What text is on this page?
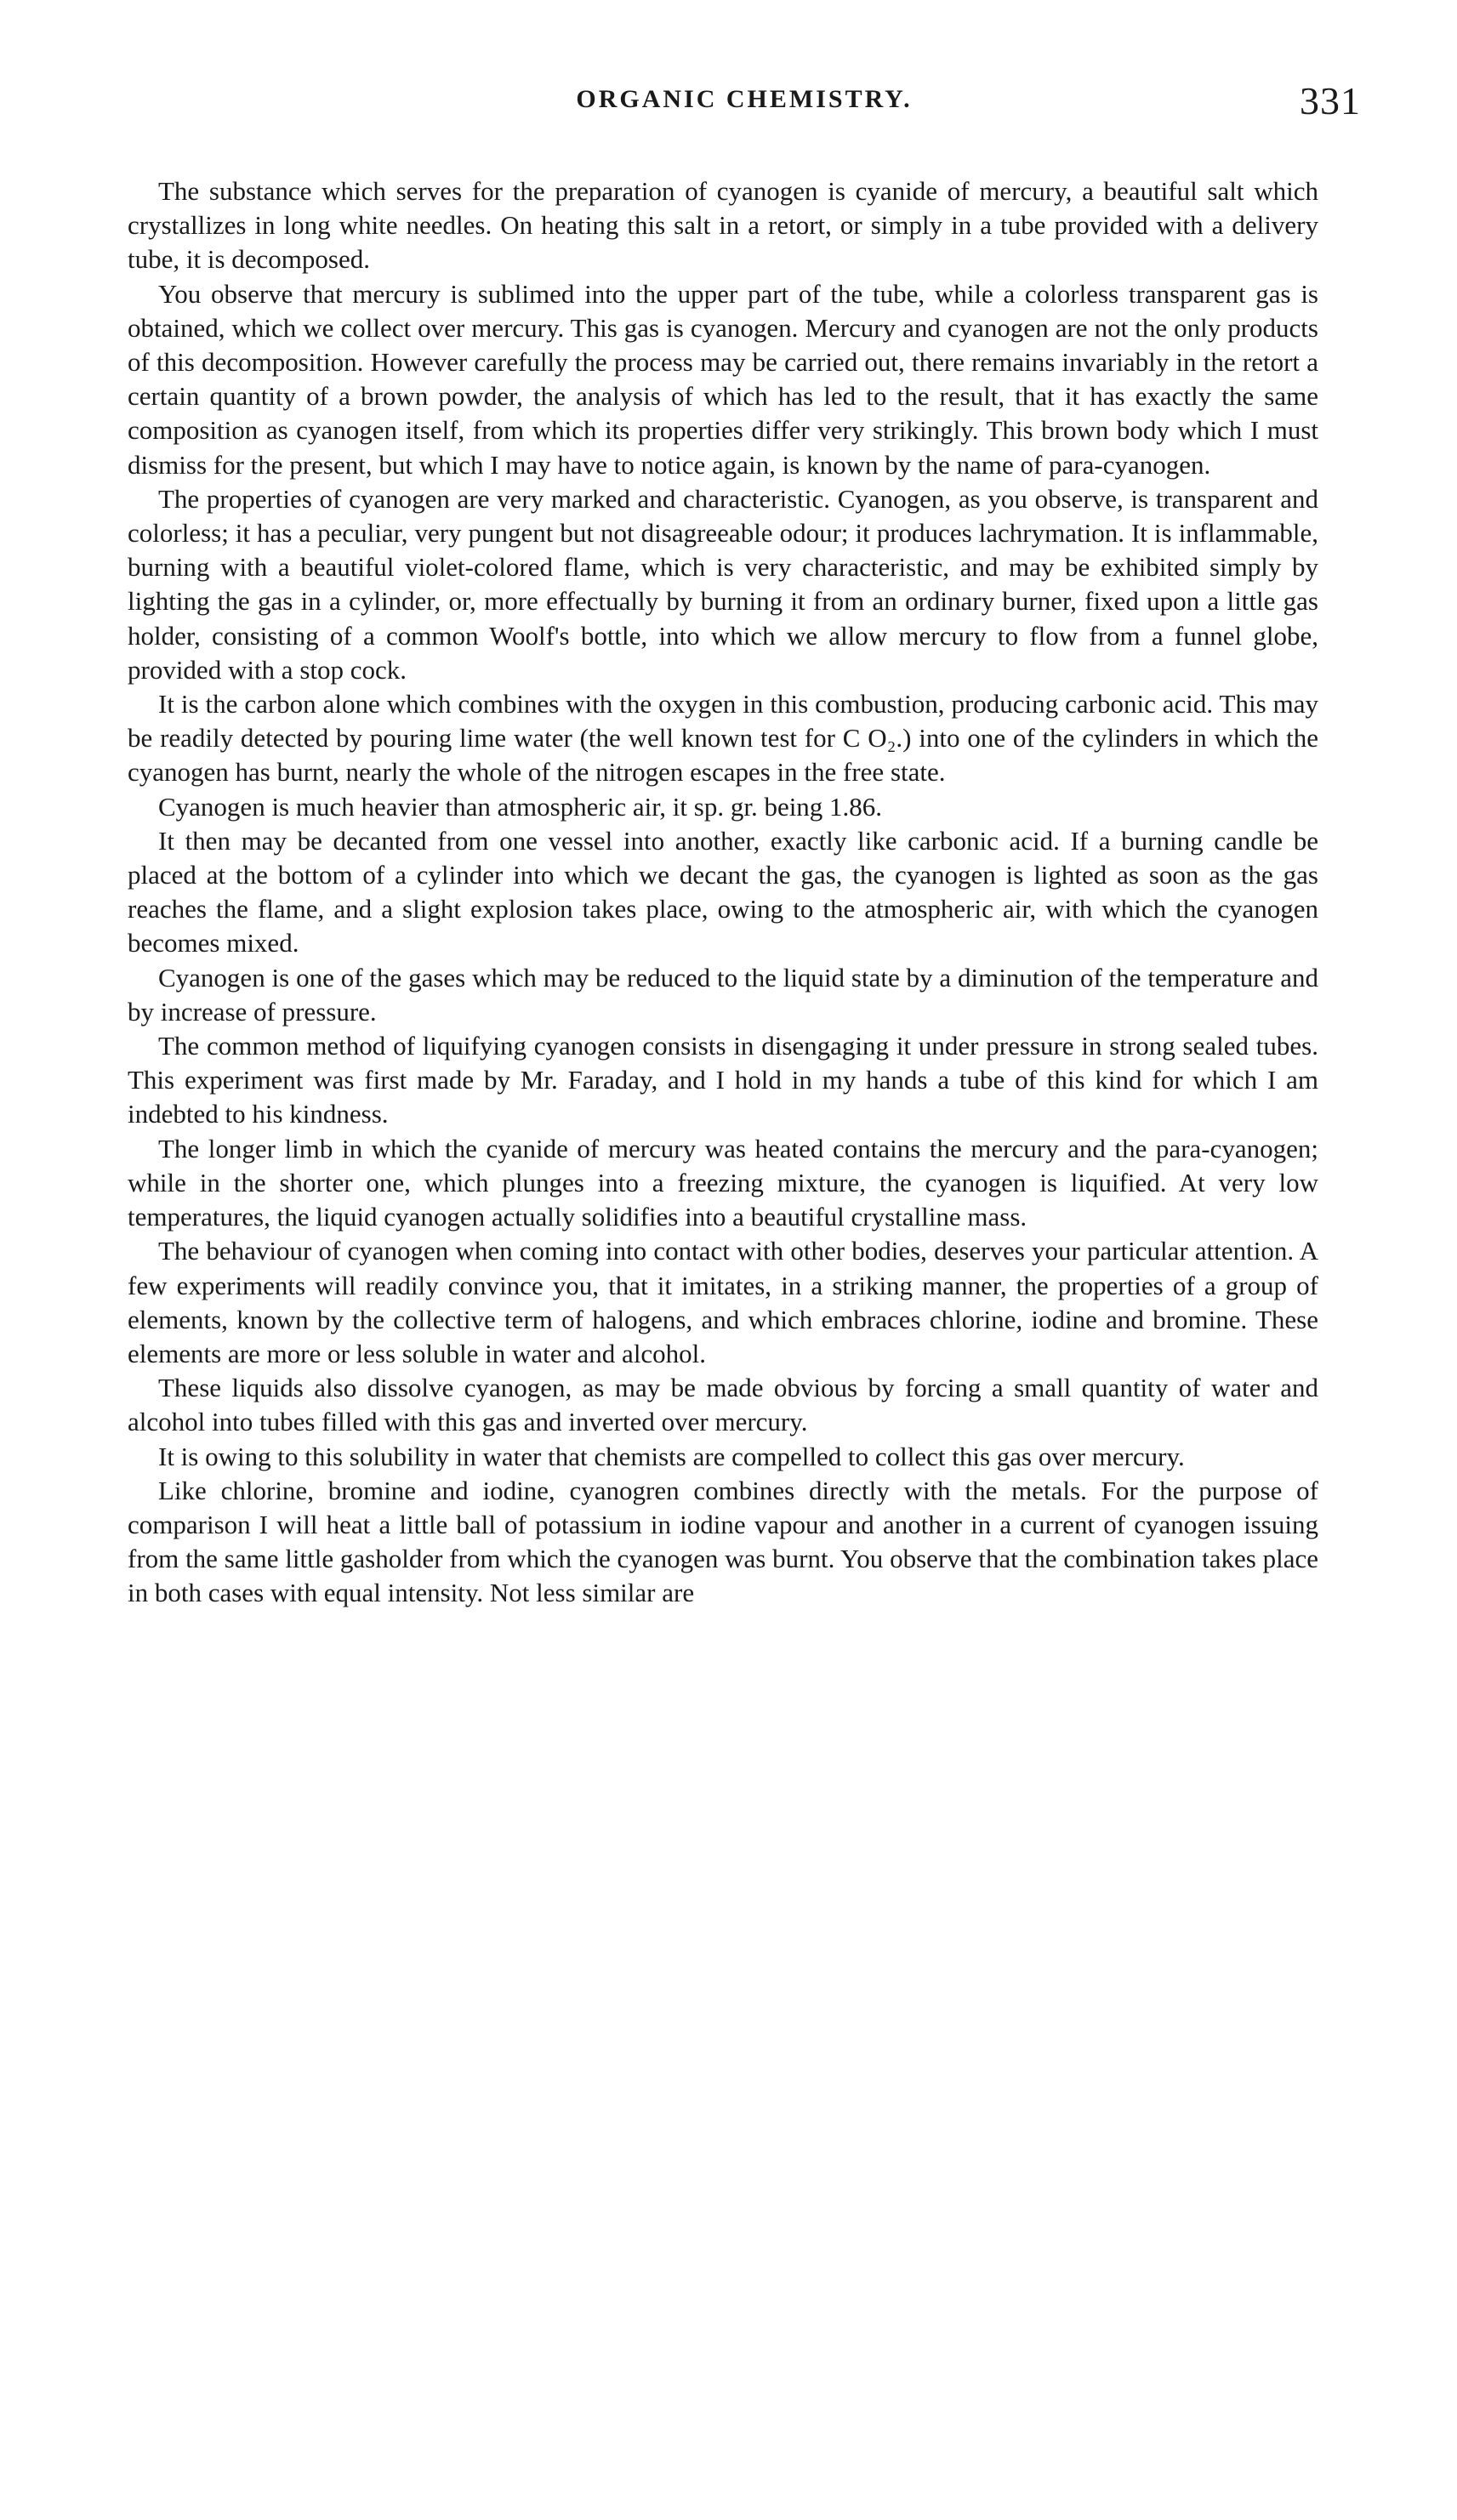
ORGANIC CHEMISTRY.	331

The substance which serves for the preparation of cyanogen is cyanide of mercury, a beautiful salt which crystallizes in long white needles. On heating this salt in a retort, or simply in a tube provided with a delivery tube, it is decomposed.

You observe that mercury is sublimed into the upper part of the tube, while a colorless transparent gas is obtained, which we collect over mercury. This gas is cyanogen. Mercury and cyanogen are not the only products of this decomposition. However carefully the process may be carried out, there remains invariably in the retort a certain quantity of a brown powder, the analysis of which has led to the result, that it has exactly the same composition as cyanogen itself, from which its properties differ very strikingly. This brown body which I must dismiss for the present, but which I may have to notice again, is known by the name of para-cyanogen.

The properties of cyanogen are very marked and characteristic. Cyanogen, as you observe, is transparent and colorless; it has a peculiar, very pungent but not disagreeable odour; it produces lachrymation. It is inflammable, burning with a beautiful violet-colored flame, which is very characteristic, and may be exhibited simply by lighting the gas in a cylinder, or, more effectually by burning it from an ordinary burner, fixed upon a little gas holder, consisting of a common Woolf's bottle, into which we allow mercury to flow from a funnel globe, provided with a stop cock.

It is the carbon alone which combines with the oxygen in this combustion, producing carbonic acid. This may be readily detected by pouring lime water (the well known test for C O₂.) into one of the cylinders in which the cyanogen has burnt, nearly the whole of the nitrogen escapes in the free state.

Cyanogen is much heavier than atmospheric air, it sp. gr. being 1.86.

It then may be decanted from one vessel into another, exactly like carbonic acid. If a burning candle be placed at the bottom of a cylinder into which we decant the gas, the cyanogen is lighted as soon as the gas reaches the flame, and a slight explosion takes place, owing to the atmospheric air, with which the cyanogen becomes mixed.

Cyanogen is one of the gases which may be reduced to the liquid state by a diminution of the temperature and by increase of pressure.

The common method of liquifying cyanogen consists in disengaging it under pressure in strong sealed tubes. This experiment was first made by Mr. Faraday, and I hold in my hands a tube of this kind for which I am indebted to his kindness.

The longer limb in which the cyanide of mercury was heated contains the mercury and the para-cyanogen; while in the shorter one, which plunges into a freezing mixture, the cyanogen is liquified. At very low temperatures, the liquid cyanogen actually solidifies into a beautiful crystalline mass.

The behaviour of cyanogen when coming into contact with other bodies, deserves your particular attention. A few experiments will readily convince you, that it imitates, in a striking manner, the properties of a group of elements, known by the collective term of halogens, and which embraces chlorine, iodine and bromine. These elements are more or less soluble in water and alcohol.

These liquids also dissolve cyanogen, as may be made obvious by forcing a small quantity of water and alcohol into tubes filled with this gas and inverted over mercury.

It is owing to this solubility in water that chemists are compelled to collect this gas over mercury.

Like chlorine, bromine and iodine, cyanogren combines directly with the metals. For the purpose of comparison I will heat a little ball of potassium in iodine vapour and another in a current of cyanogen issuing from the same little gasholder from which the cyanogen was burnt. You observe that the combination takes place in both cases with equal intensity. Not less similar are
